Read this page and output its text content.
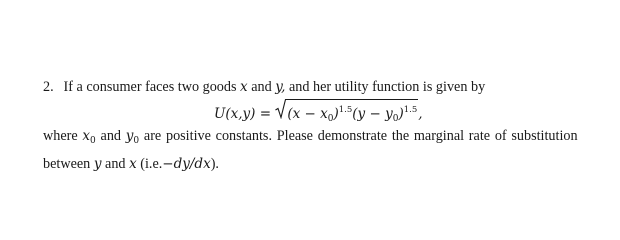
2. If a consumer faces two goods x and y, and her utility function is given by
$U(x,y) = (x - x_0)^{1.5}(y - y_0)^{1.5}$,
where $x_0$ and $y_0$ are positive constants. Please demonstrate the marginal rate of substitution
between y and x (i.e.−dy/dx).
